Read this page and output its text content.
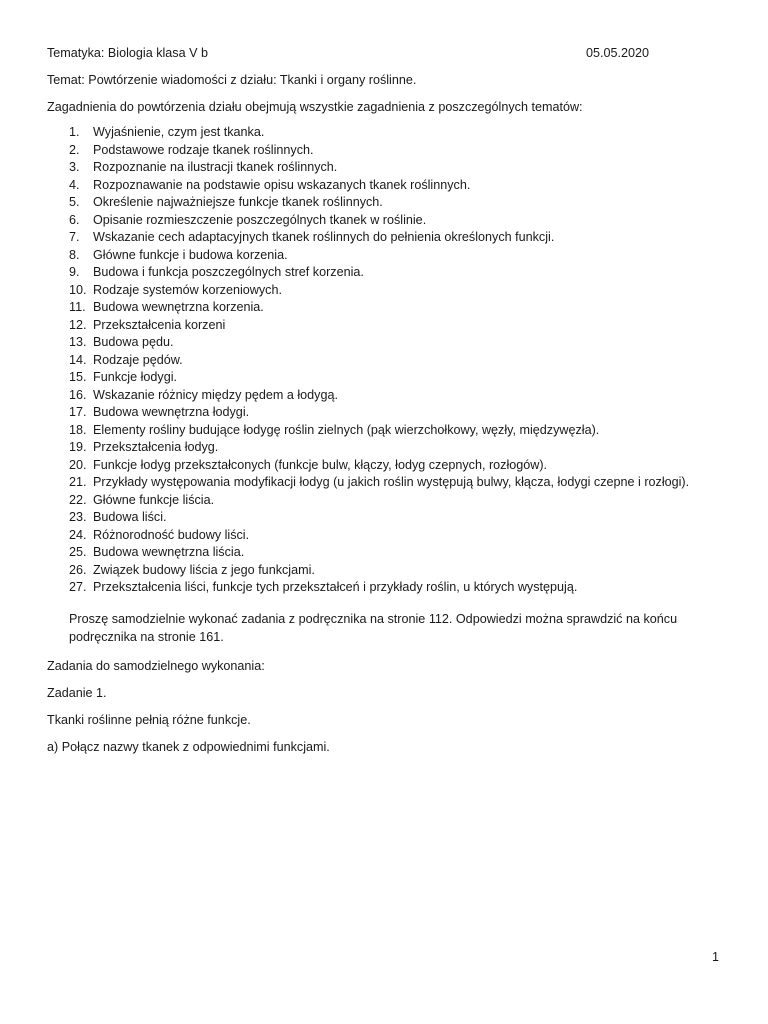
Tematyka: Biologia klasa V b	05.05.2020
Temat: Powtórzenie wiadomości z działu: Tkanki i organy roślinne.
Zagadnienia do powtórzenia działu obejmują wszystkie zagadnienia z poszczególnych tematów:
1. Wyjaśnienie, czym jest tkanka.
2. Podstawowe rodzaje tkanek roślinnych.
3. Rozpoznanie na ilustracji tkanek roślinnych.
4. Rozpoznawanie na podstawie opisu wskazanych tkanek roślinnych.
5. Określenie najważniejsze funkcje tkanek roślinnych.
6. Opisanie rozmieszczenie poszczególnych tkanek w roślinie.
7. Wskazanie cech adaptacyjnych tkanek roślinnych do pełnienia określonych funkcji.
8. Główne funkcje i budowa korzenia.
9. Budowa i funkcja poszczególnych stref korzenia.
10. Rodzaje systemów korzeniowych.
11. Budowa wewnętrzna korzenia.
12. Przekształcenia korzeni
13. Budowa pędu.
14. Rodzaje pędów.
15. Funkcje łodygi.
16. Wskazanie różnicy między pędem a łodygą.
17. Budowa wewnętrzna łodygi.
18. Elementy rośliny budujące łodygę roślin zielnych (pąk wierzchołkowy, węzły, międzywęzła).
19. Przekształcenia łodyg.
20. Funkcje łodyg przekształconych (funkcje bulw, kłączy, łodyg czepnych, rozłogów).
21. Przykłady występowania modyfikacji łodyg (u jakich roślin występują bulwy, kłącza, łodygi czepne i rozłogi).
22. Główne funkcje liścia.
23. Budowa liści.
24. Różnorodność budowy liści.
25. Budowa wewnętrzna liścia.
26. Związek budowy liścia z jego funkcjami.
27. Przekształcenia liści, funkcje tych przekształceń i przykłady roślin, u których występują.
Proszę samodzielnie wykonać zadania z podręcznika na stronie 112. Odpowiedzi można sprawdzić na końcu podręcznika na stronie 161.
Zadania do samodzielnego wykonania:
Zadanie 1.
Tkanki roślinne pełnią różne funkcje.
a) Połącz nazwy tkanek z odpowiednimi funkcjami.
1
